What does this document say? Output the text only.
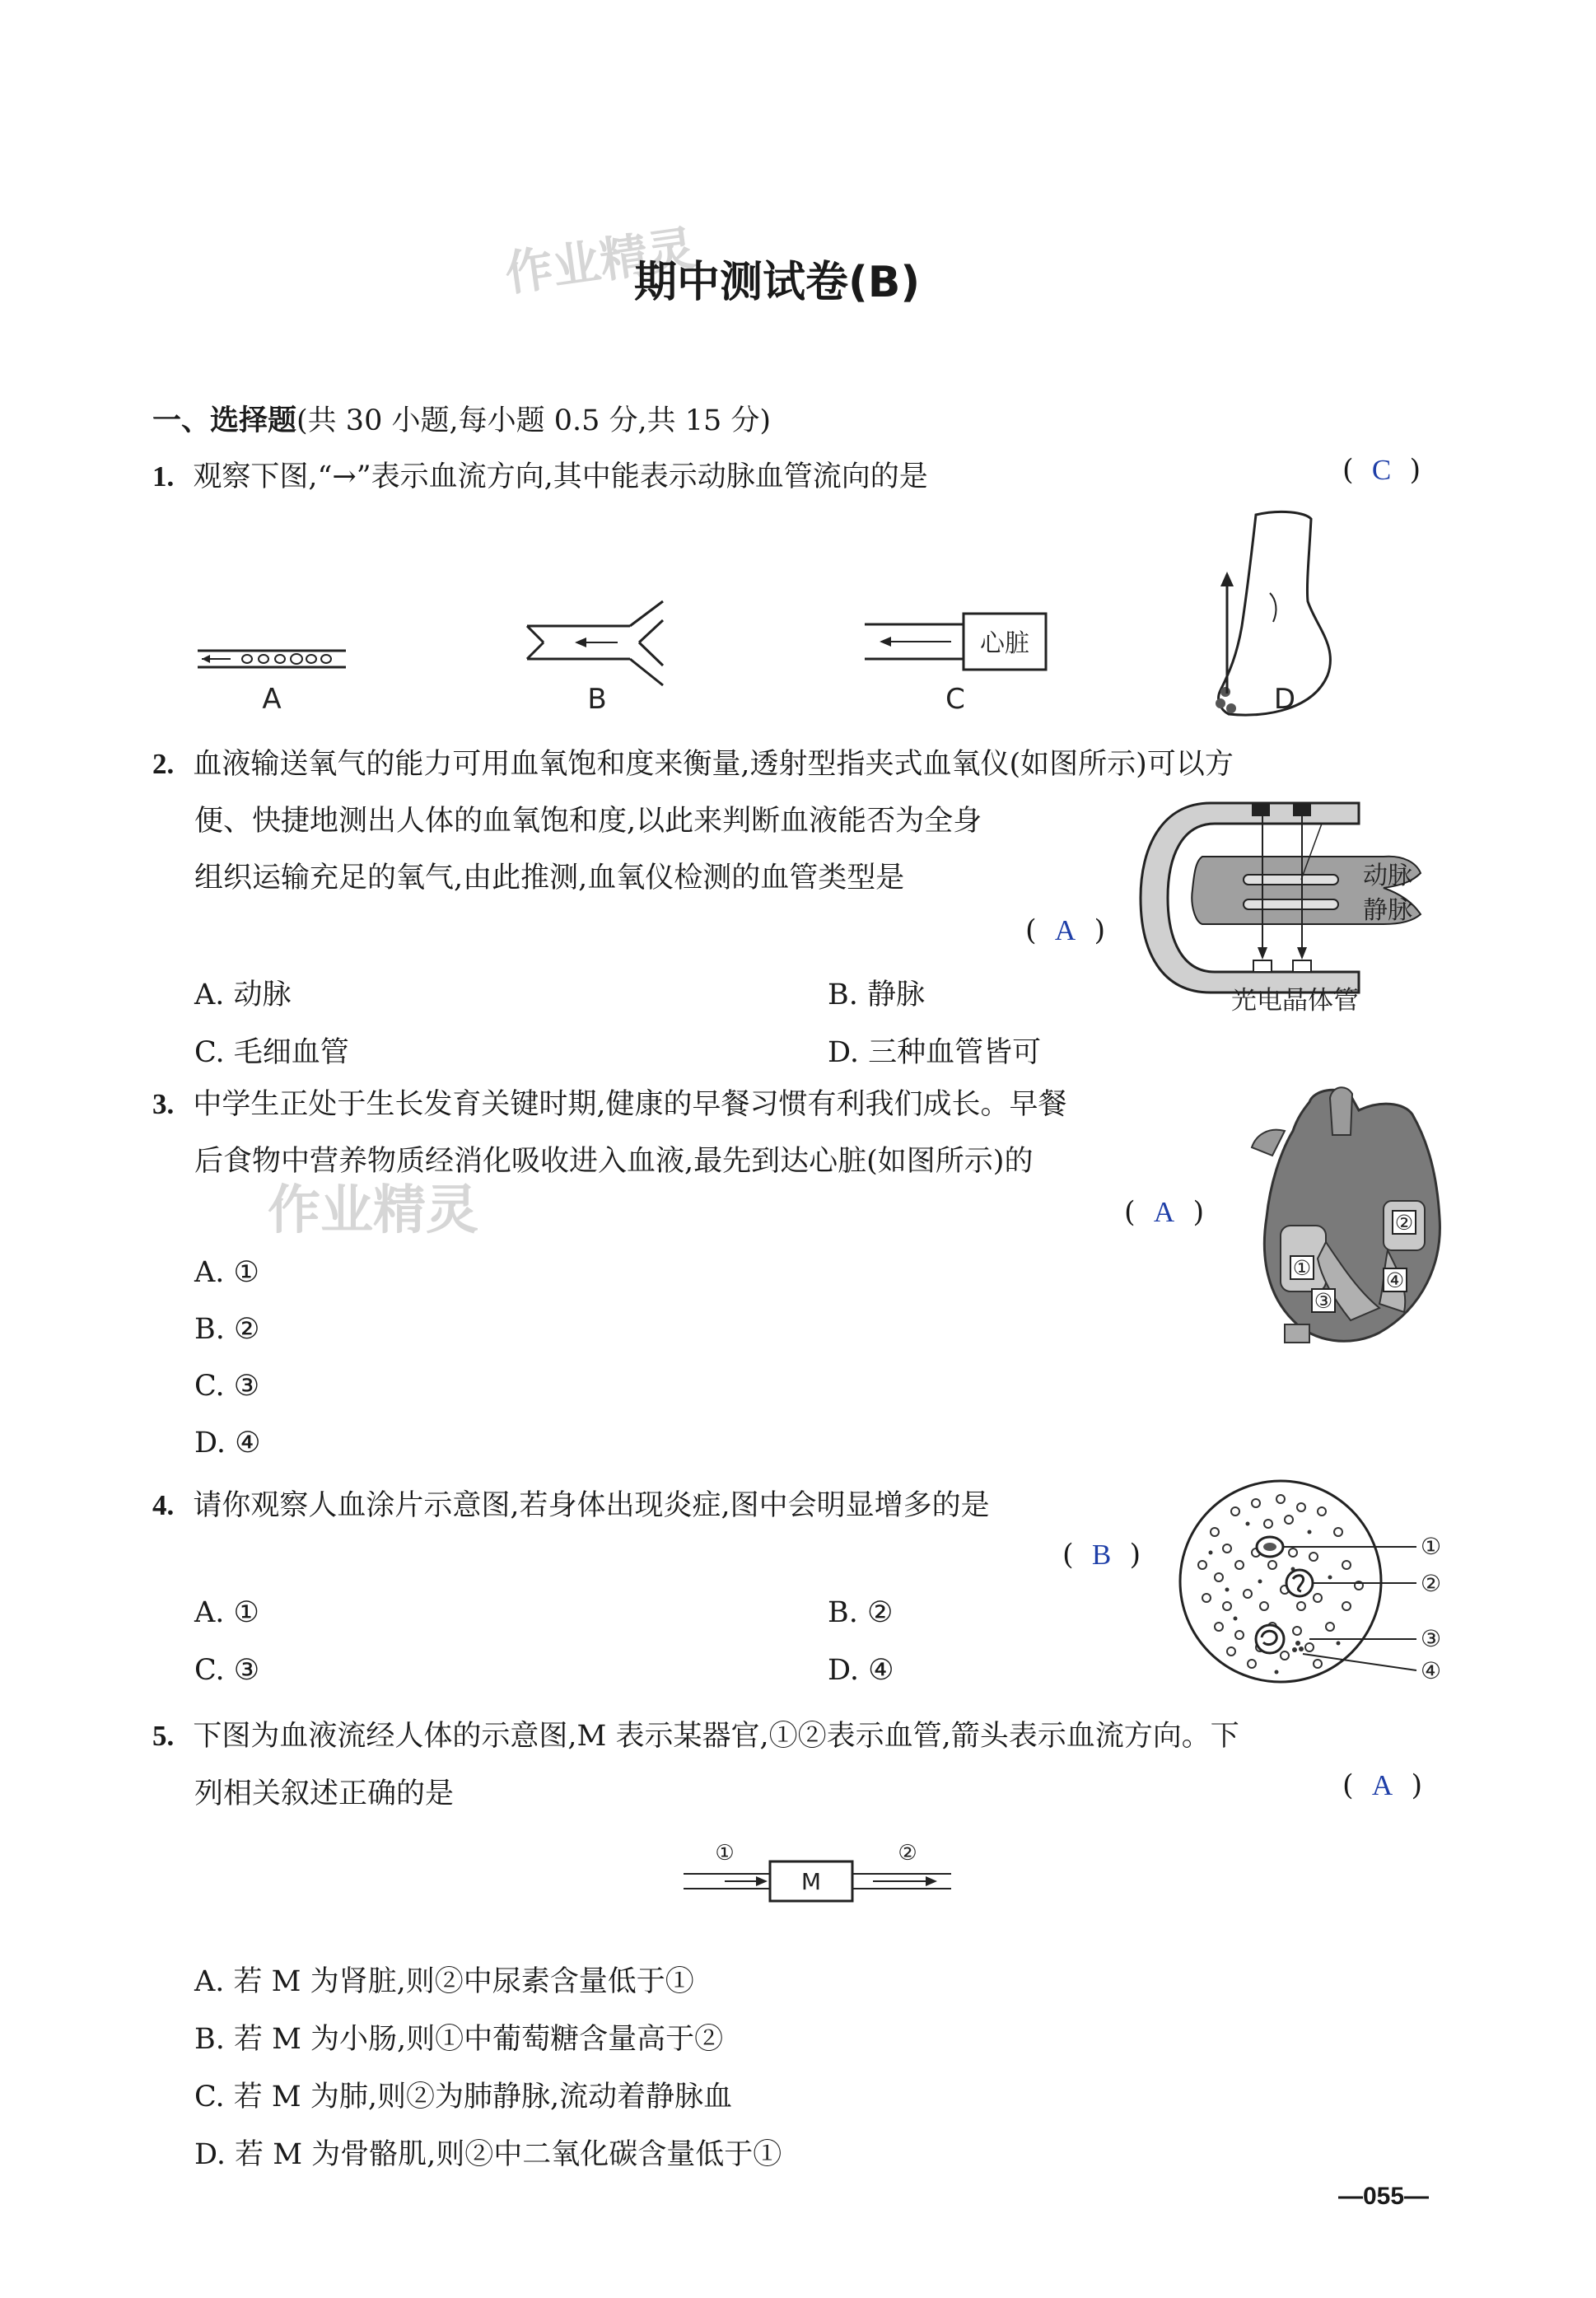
作业精灵
作业精灵
期中测试卷(B)
一、选择题(共 30 小题,每小题 0.5 分,共 15 分)
1. 观察下图,“→”表示血流方向,其中能表示动脉血管流向的是	(  C  )
心脏
A	B	C	D
2. 血液输送氧气的能力可用血氧饱和度来衡量,透射型指夹式血氧仪(如图所示)可以方
便、快捷地测出人体的血氧饱和度,以此来判断血液能否为全身
组织运输充足的氧气,由此推测,血氧仪检测的血管类型是
(  A  )
A. 动脉	B. 静脉
C. 毛细血管	D. 三种血管皆可
动脉
静脉
光电晶体管
3. 中学生正处于生长发育关键时期,健康的早餐习惯有利我们成长。早餐
后食物中营养物质经消化吸收进入血液,最先到达心脏(如图所示)的
(  A  )
A. ①
B. ②
C. ③
D. ④
①
②
③
④
4. 请你观察人血涂片示意图,若身体出现炎症,图中会明显增多的是
(  B  )
A. ①	B. ②
C. ③	D. ④
①
②
③
④
5. 下图为血液流经人体的示意图,M 表示某器官,①②表示血管,箭头表示血流方向。下
列相关叙述正确的是	(  A  )
M
①	②
A. 若 M 为肾脏,则②中尿素含量低于①
B. 若 M 为小肠,则①中葡萄糖含量高于②
C. 若 M 为肺,则②为肺静脉,流动着静脉血
D. 若 M 为骨骼肌,则②中二氧化碳含量低于①
—055—
